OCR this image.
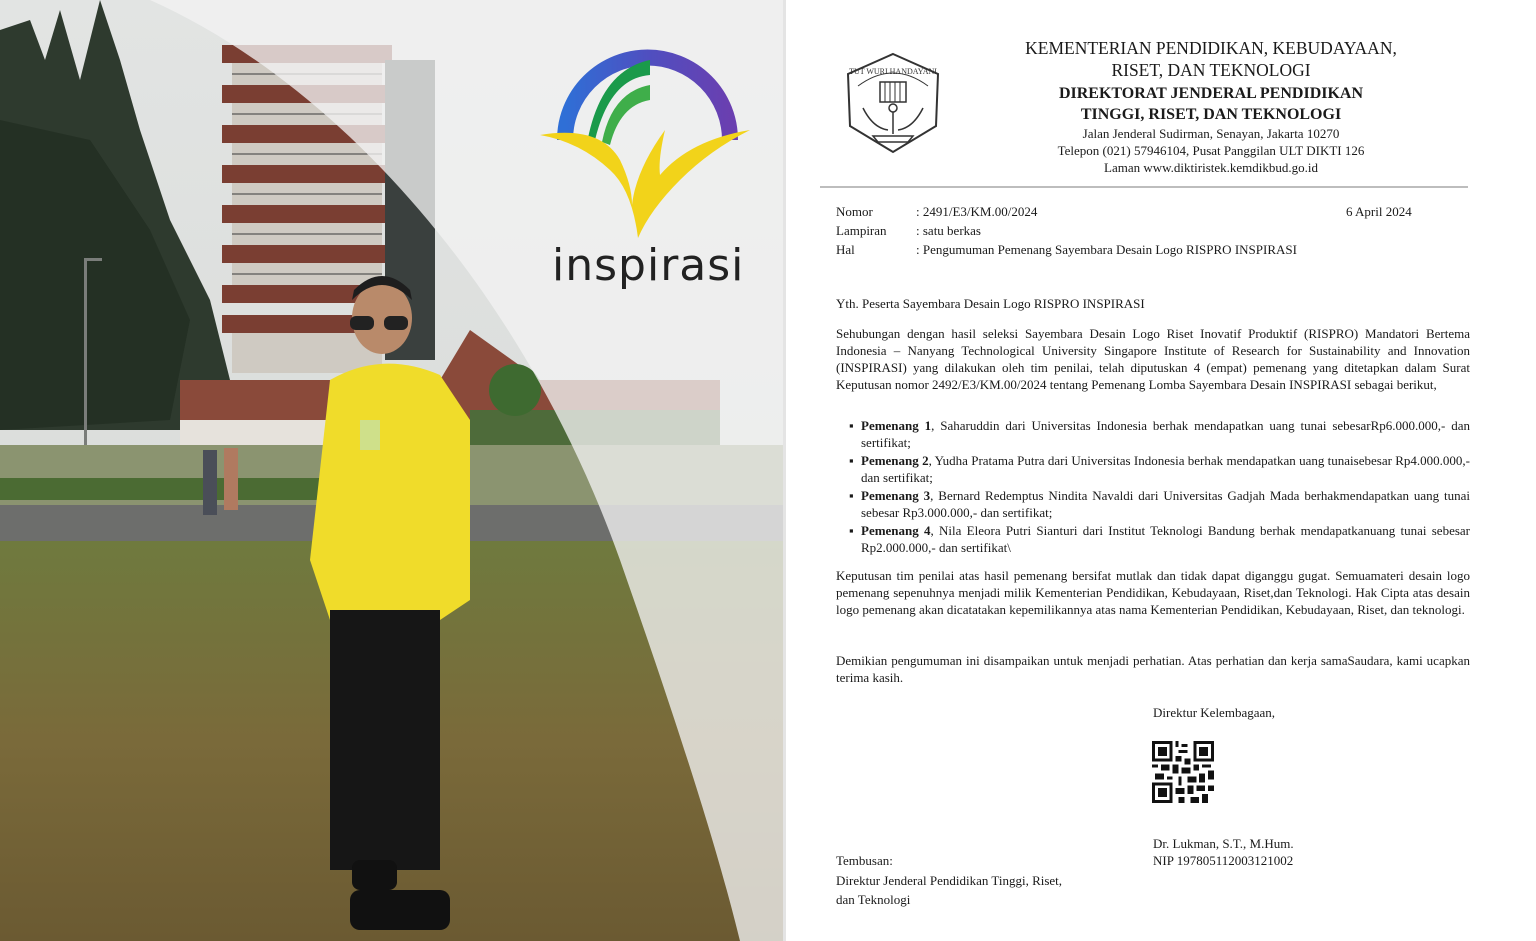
inspirasi
TUT WURI HANDAYANI
KEMENTERIAN PENDIDIKAN, KEBUDAYAAN,
RISET, DAN TEKNOLOGI
DIREKTORAT JENDERAL PENDIDIKAN
TINGGI, RISET, DAN TEKNOLOGI
Jalan Jenderal Sudirman, Senayan, Jakarta 10270
Telepon (021) 57946104, Pusat Panggilan ULT DIKTI 126
Laman www.diktiristek.kemdikbud.go.id
Nomor	: 2491/E3/KM.00/2024	6 April 2024
Lampiran : satu berkas
Hal	: Pengumuman Pemenang Sayembara Desain Logo RISPRO INSPIRASI
Yth. Peserta Sayembara Desain Logo RISPRO INSPIRASI
Sehubungan dengan hasil seleksi Sayembara Desain Logo Riset Inovatif Produktif (RISPRO) Mandatori Bertema Indonesia – Nanyang Technological University Singapore Institute of Research for Sustainability and Innovation (INSPIRASI) yang dilakukan oleh tim penilai, telah diputuskan 4 (empat) pemenang yang ditetapkan dalam Surat Keputusan nomor 2492/E3/KM.00/2024 tentang Pemenang Lomba Sayembara Desain INSPIRASI sebagai berikut,
▪ Pemenang 1, Saharuddin dari Universitas Indonesia berhak mendapatkan uang tunai sebesarRp6.000.000,- dan sertifikat;
▪ Pemenang 2, Yudha Pratama Putra dari Universitas Indonesia berhak mendapatkan uang tunaisebesar Rp4.000.000,- dan sertifikat;
▪ Pemenang 3, Bernard Redemptus Nindita Navaldi dari Universitas Gadjah Mada berhakmendapatkan uang tunai sebesar Rp3.000.000,- dan sertifikat;
▪ Pemenang 4, Nila Eleora Putri Sianturi dari Institut Teknologi Bandung berhak mendapatkanuang tunai sebesar Rp2.000.000,- dan sertifikat\
Keputusan tim penilai atas hasil pemenang bersifat mutlak dan tidak dapat diganggu gugat. Semuamateri desain logo pemenang sepenuhnya menjadi milik Kementerian Pendidikan, Kebudayaan, Riset,dan Teknologi. Hak Cipta atas desain logo pemenang akan dicatatakan kepemilikannya atas nama Kementerian Pendidikan, Kebudayaan, Riset, dan teknologi.
Demikian pengumuman ini disampaikan untuk menjadi perhatian. Atas perhatian dan kerja samaSaudara, kami ucapkan terima kasih.
Direktur Kelembagaan,
Dr. Lukman, S.T., M.Hum.
NIP 197805112003121002
Tembusan:
Direktur Jenderal Pendidikan Tinggi, Riset,
dan Teknologi
